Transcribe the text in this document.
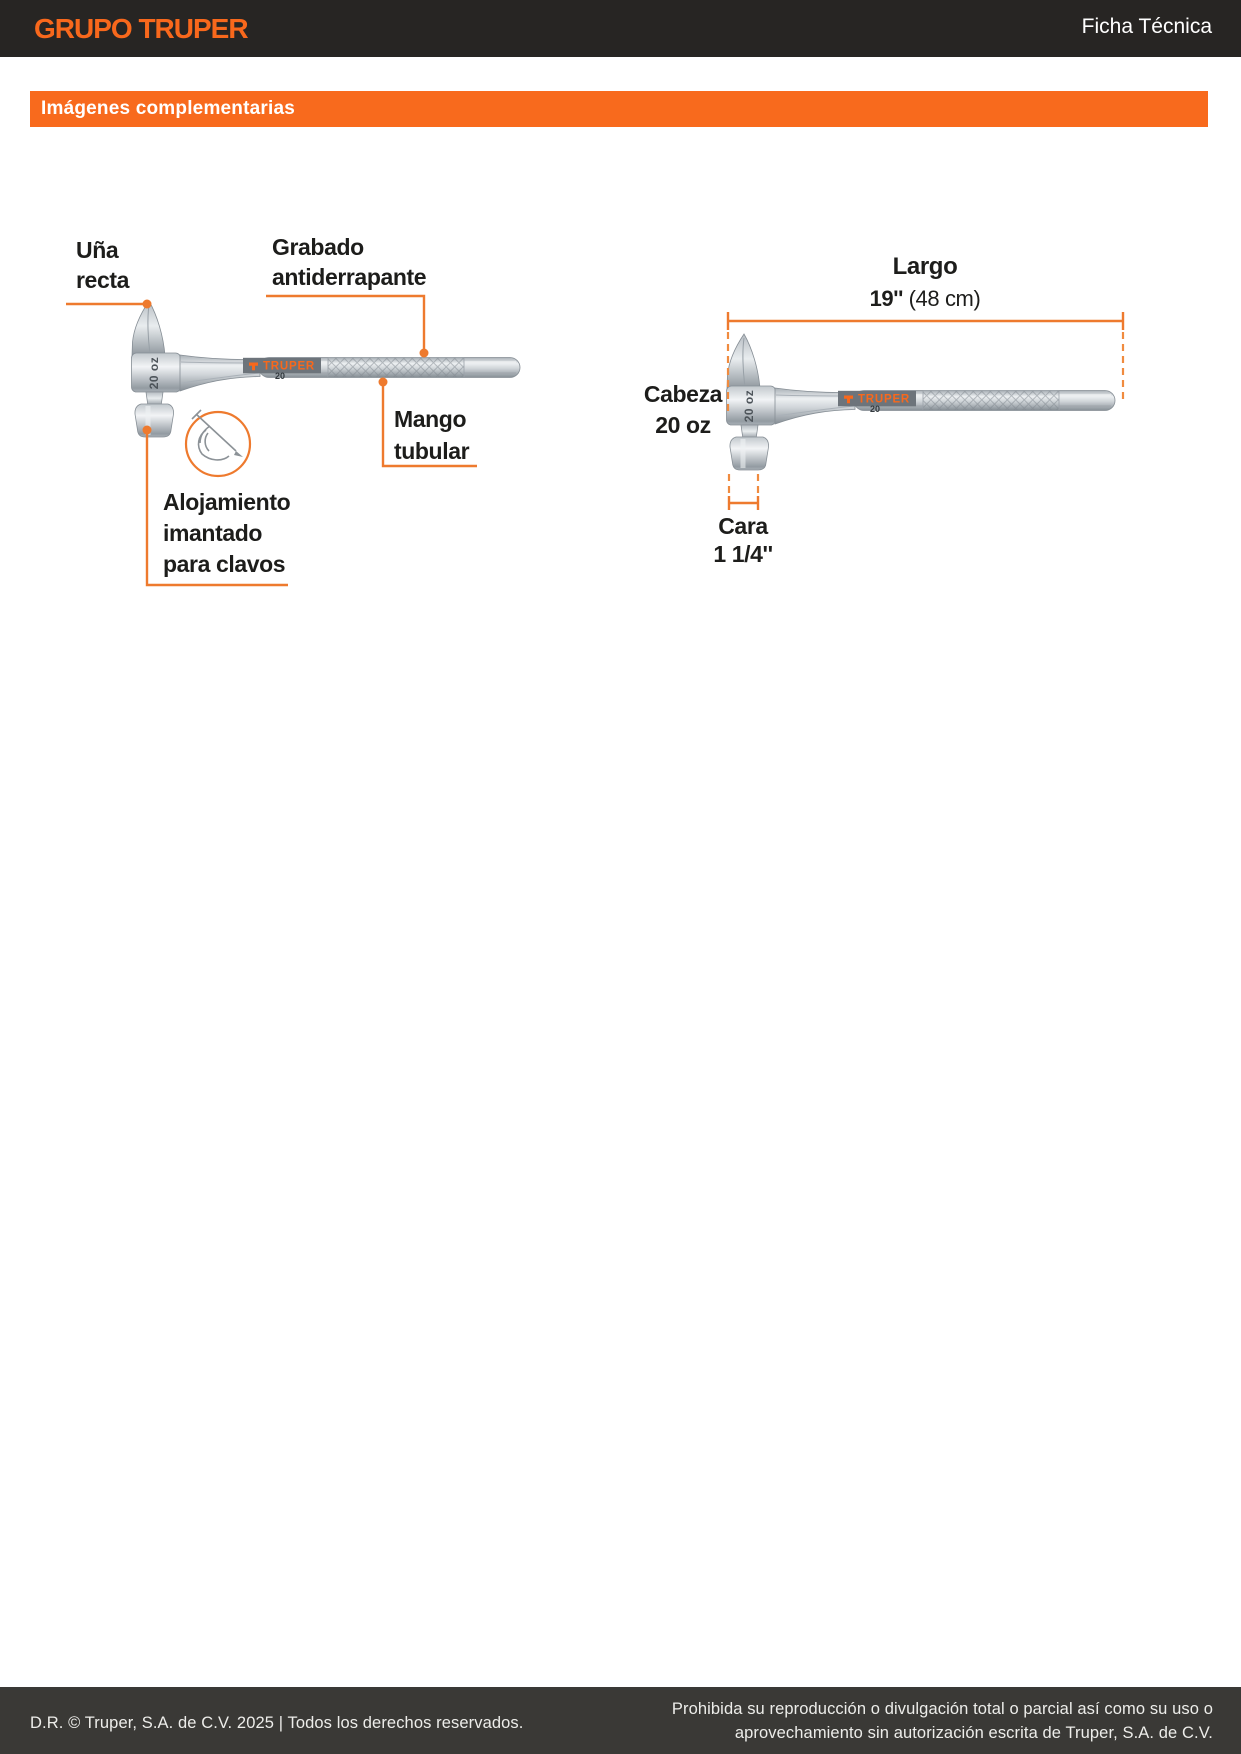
GRUPO TRUPER	Ficha Técnica
Imágenes complementarias
20 oz	TRUPER
20
Uña
recta
Grabado
antiderrapante
Mango
tubular
Alojamiento
imantado
para clavos
Largo
19'' (48 cm)
Cabeza
20 oz
Cara
1 1/4''
D.R. © Truper, S.A. de C.V. 2025 | Todos los derechos reservados.
Prohibida su reproducción o divulgación total o parcial así como su uso o
aprovechamiento sin autorización escrita de Truper, S.A. de C.V.
